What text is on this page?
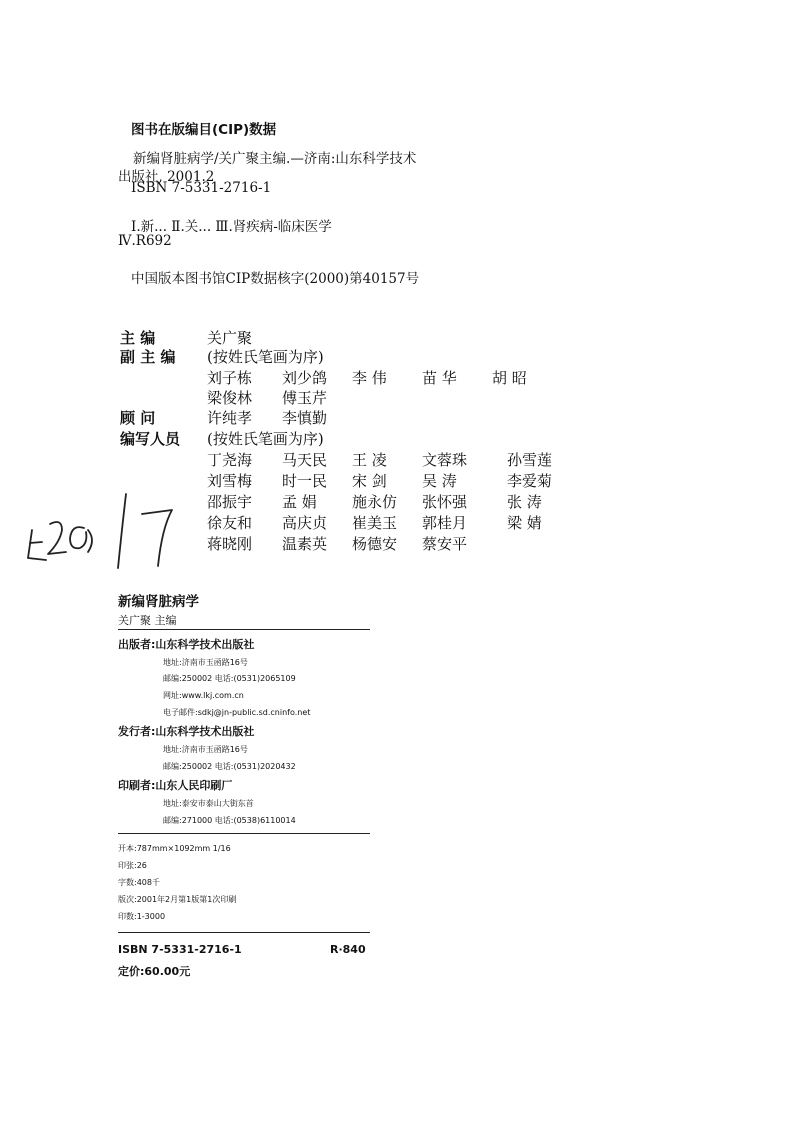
图书在版编目(CIP)数据
新编肾脏病学/关广聚主编.—济南:山东科学技术
出版社, 2001.2
ISBN 7-5331-2716-1
Ⅰ.新... Ⅱ.关... Ⅲ.肾疾病-临床医学
Ⅳ.R692
中国版本图书馆CIP数据核字(2000)第40157号
主 编	关广聚
副 主 编 (按姓氏笔画为序)
刘子栋 刘少鸽 李 伟 苗 华 胡 昭
梁俊林 傅玉芹
顾 问	许纯孝 李慎勤
编写人员 (按姓氏笔画为序)
丁尧海 马天民 王 凌 文蓉珠	孙雪莲
刘雪梅 时一民 宋 剑 吴 涛	李爱菊
邵振宇 孟 娟 施永仿 张怀强	张 涛
徐友和 高庆贞 崔美玉 郭桂月	梁 婧
蒋晓刚 温素英 杨德安 蔡安平
新编肾脏病学
关广聚 主编
出版者:山东科学技术出版社
地址:济南市玉函路16号
邮编:250002 电话:(0531)2065109
网址:www.lkj.com.cn
电子邮件:sdkj@jn-public.sd.cninfo.net
发行者:山东科学技术出版社
地址:济南市玉函路16号
邮编:250002 电话:(0531)2020432
印刷者:山东人民印刷厂
地址:泰安市泰山大街东首
邮编:271000 电话:(0538)6110014
开本:787mm×1092mm 1/16
印张:26
字数:408千
版次:2001年2月第1版第1次印刷
印数:1-3000
ISBN 7-5331-2716-1	R·840
定价:60.00元
